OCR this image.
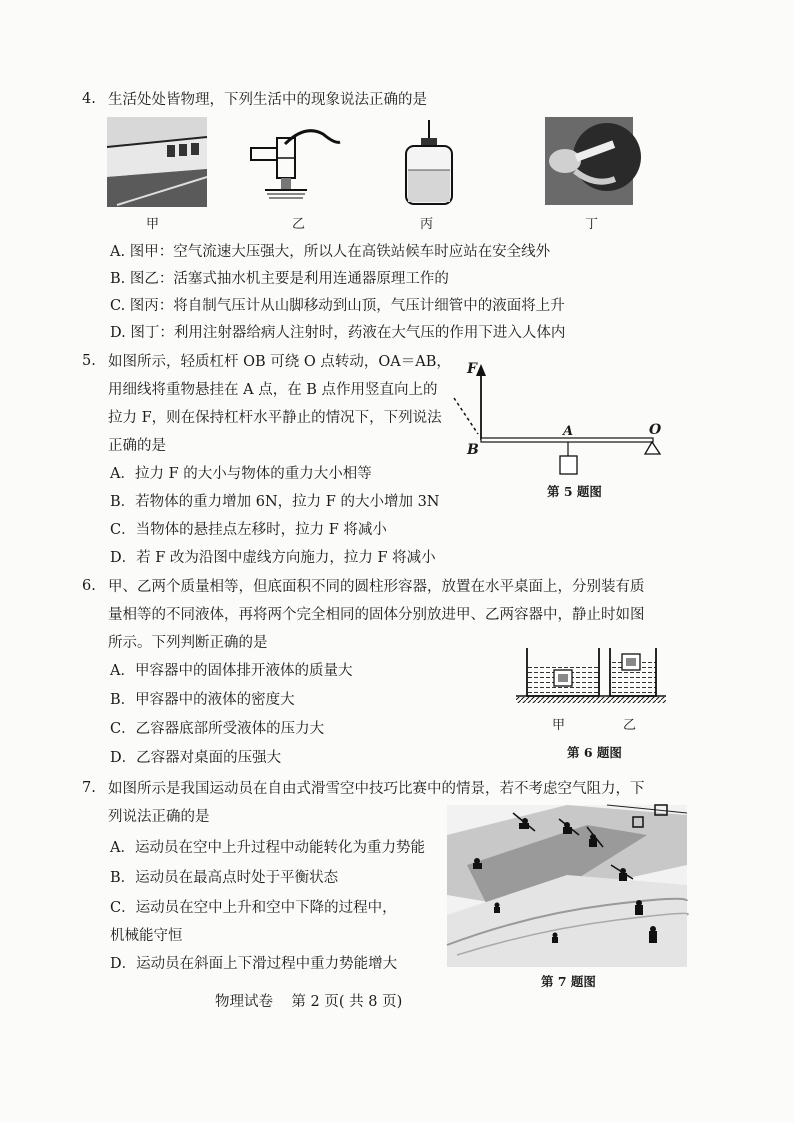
4. 生活处处皆物理，下列生活中的现象说法正确的是
甲	乙	丙	丁
A. 图甲：空气流速大压强大，所以人在高铁站候车时应站在安全线外
B. 图乙：活塞式抽水机主要是利用连通器原理工作的
C. 图丙：将自制气压计从山脚移动到山顶，气压计细管中的液面将上升
D. 图丁：利用注射器给病人注射时，药液在大气压的作用下进入人体内
5. 如图所示，轻质杠杆 OB 可绕 O 点转动，OA＝AB，
用细线将重物悬挂在 A 点，在 B 点作用竖直向上的
拉力 F，则在保持杠杆水平静止的情况下，下列说法
正确的是
F
A	O
B
第 5 题图
A．拉力 F 的大小与物体的重力大小相等
B．若物体的重力增加 6N，拉力 F 的大小增加 3N
C．当物体的悬挂点左移时，拉力 F 将减小
D．若 F 改为沿图中虚线方向施力，拉力 F 将减小
6. 甲、乙两个质量相等，但底面积不同的圆柱形容器，放置在水平桌面上，分别装有质
量相等的不同液体，再将两个完全相同的固体分别放进甲、乙两容器中，静止时如图
所示。下列判断正确的是
A．甲容器中的固体排开液体的质量大
B．甲容器中的液体的密度大
C．乙容器底部所受液体的压力大
D．乙容器对桌面的压强大
甲	乙
第 6 题图
7. 如图所示是我国运动员在自由式滑雪空中技巧比赛中的情景，若不考虑空气阻力，下
列说法正确的是
A．运动员在空中上升过程中动能转化为重力势能
B．运动员在最高点时处于平衡状态
C．运动员在空中上升和空中下降的过程中，
机械能守恒
D．运动员在斜面上下滑过程中重力势能增大
第 7 题图
物理试卷    第 2 页( 共 8 页)
